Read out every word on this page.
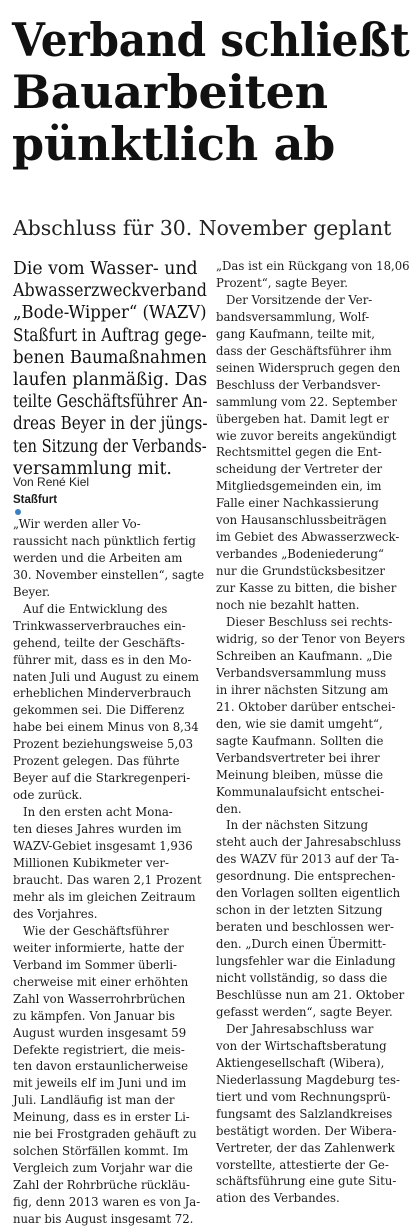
Verband schließt
Bauarbeiten
pünktlich ab
Abschluss für 30. November geplant

Die vom Wasser- und
Abwasserzweckverband
„Bode-Wipper“ (WAZV)
Staßfurt in Auftrag gege-
benen Baumaßnahmen
laufen planmäßig. Das
teilte Geschäftsführer An-
dreas Beyer in der jüngs-
ten Sitzung der Verbands-
versammlung mit.

Von René Kiel

Staßfurt
„Wir werden aller Vo-
raussicht nach pünktlich fertig
werden und die Arbeiten am
30. November einstellen“, sagte
Beyer.

Auf die Entwicklung des
Trinkwasserverbrauches ein-
gehend, teilte der Geschäfts-
führer mit, dass es in den Mo-
naten Juli und August zu einem
erheblichen Minderverbrauch
gekommen sei. Die Differenz
habe bei einem Minus von 8,34
Prozent beziehungsweise 5,03
Prozent gelegen. Das führte
Beyer auf die Starkregenperi-
ode zurück.

In den ersten acht Mona-
ten dieses Jahres wurden im
WAZV-Gebiet insgesamt 1,936
Millionen Kubikmeter ver-
braucht. Das waren 2,1 Prozent
mehr als im gleichen Zeitraum
des Vorjahres.

Wie der Geschäftsführer
weiter informierte, hatte der
Verband im Sommer überli-
cherweise mit einer erhöhten
Zahl von Wasserrohrbrüchen
zu kämpfen. Von Januar bis
August wurden insgesamt 59
Defekte registriert, die meis-
ten davon erstaunlicherweise
mit jeweils elf im Juni und im
Juli. Landläufig ist man der
Meinung, dass es in erster Li-
nie bei Frostgraden gehäuft zu
solchen Störfällen kommt. Im
Vergleich zum Vorjahr war die
Zahl der Rohrbrüche rückläu-
fig, denn 2013 waren es von Ja-
nuar bis August insgesamt 72.

„Das ist ein Rückgang von 18,06
Prozent“, sagte Beyer.

Der Vorsitzende der Ver-
bandsversammlung, Wolf-
gang Kaufmann, teilte mit,
dass der Geschäftsführer ihm
seinen Widerspruch gegen den
Beschluss der Verbandsver-
sammlung vom 22. September
übergeben hat. Damit legt er
wie zuvor bereits angekündigt
Rechtsmittel gegen die Ent-
scheidung der Vertreter der
Mitgliedsgemeinden ein, im
Falle einer Nachkassierung
von Hausanschlussbeiträgen
im Gebiet des Abwasserzweck-
verbandes „Bodeniederung“
nur die Grundstücksbesitzer
zur Kasse zu bitten, die bisher
noch nie bezahlt hatten.

Dieser Beschluss sei rechts-
widrig, so der Tenor von Beyers
Schreiben an Kaufmann. „Die
Verbandsversammlung muss
in ihrer nächsten Sitzung am
21. Oktober darüber entschei-
den, wie sie damit umgeht“,
sagte Kaufmann. Sollten die
Verbandsvertreter bei ihrer
Meinung bleiben, müsse die
Kommunalaufsicht entschei-
den.

In der nächsten Sitzung
steht auch der Jahresabschluss
des WAZV für 2013 auf der Ta-
gesordnung. Die entsprechen-
den Vorlagen sollten eigentlich
schon in der letzten Sitzung
beraten und beschlossen wer-
den. „Durch einen Übermitt-
lungsfehler war die Einladung
nicht vollständig, so dass die
Beschlüsse nun am 21. Oktober
gefasst werden“, sagte Beyer.

Der Jahresabschluss war
von der Wirtschaftsberatung
Aktiengesellschaft (Wibera),
Niederlassung Magdeburg tes-
tiert und vom Rechnungsprü-
fungsamt des Salzlandkreises
bestätigt worden. Der Wibera-
Vertreter, der das Zahlenwerk
vorstellte, attestierte der Ge-
schäftsführung eine gute Situ-
ation des Verbandes.
